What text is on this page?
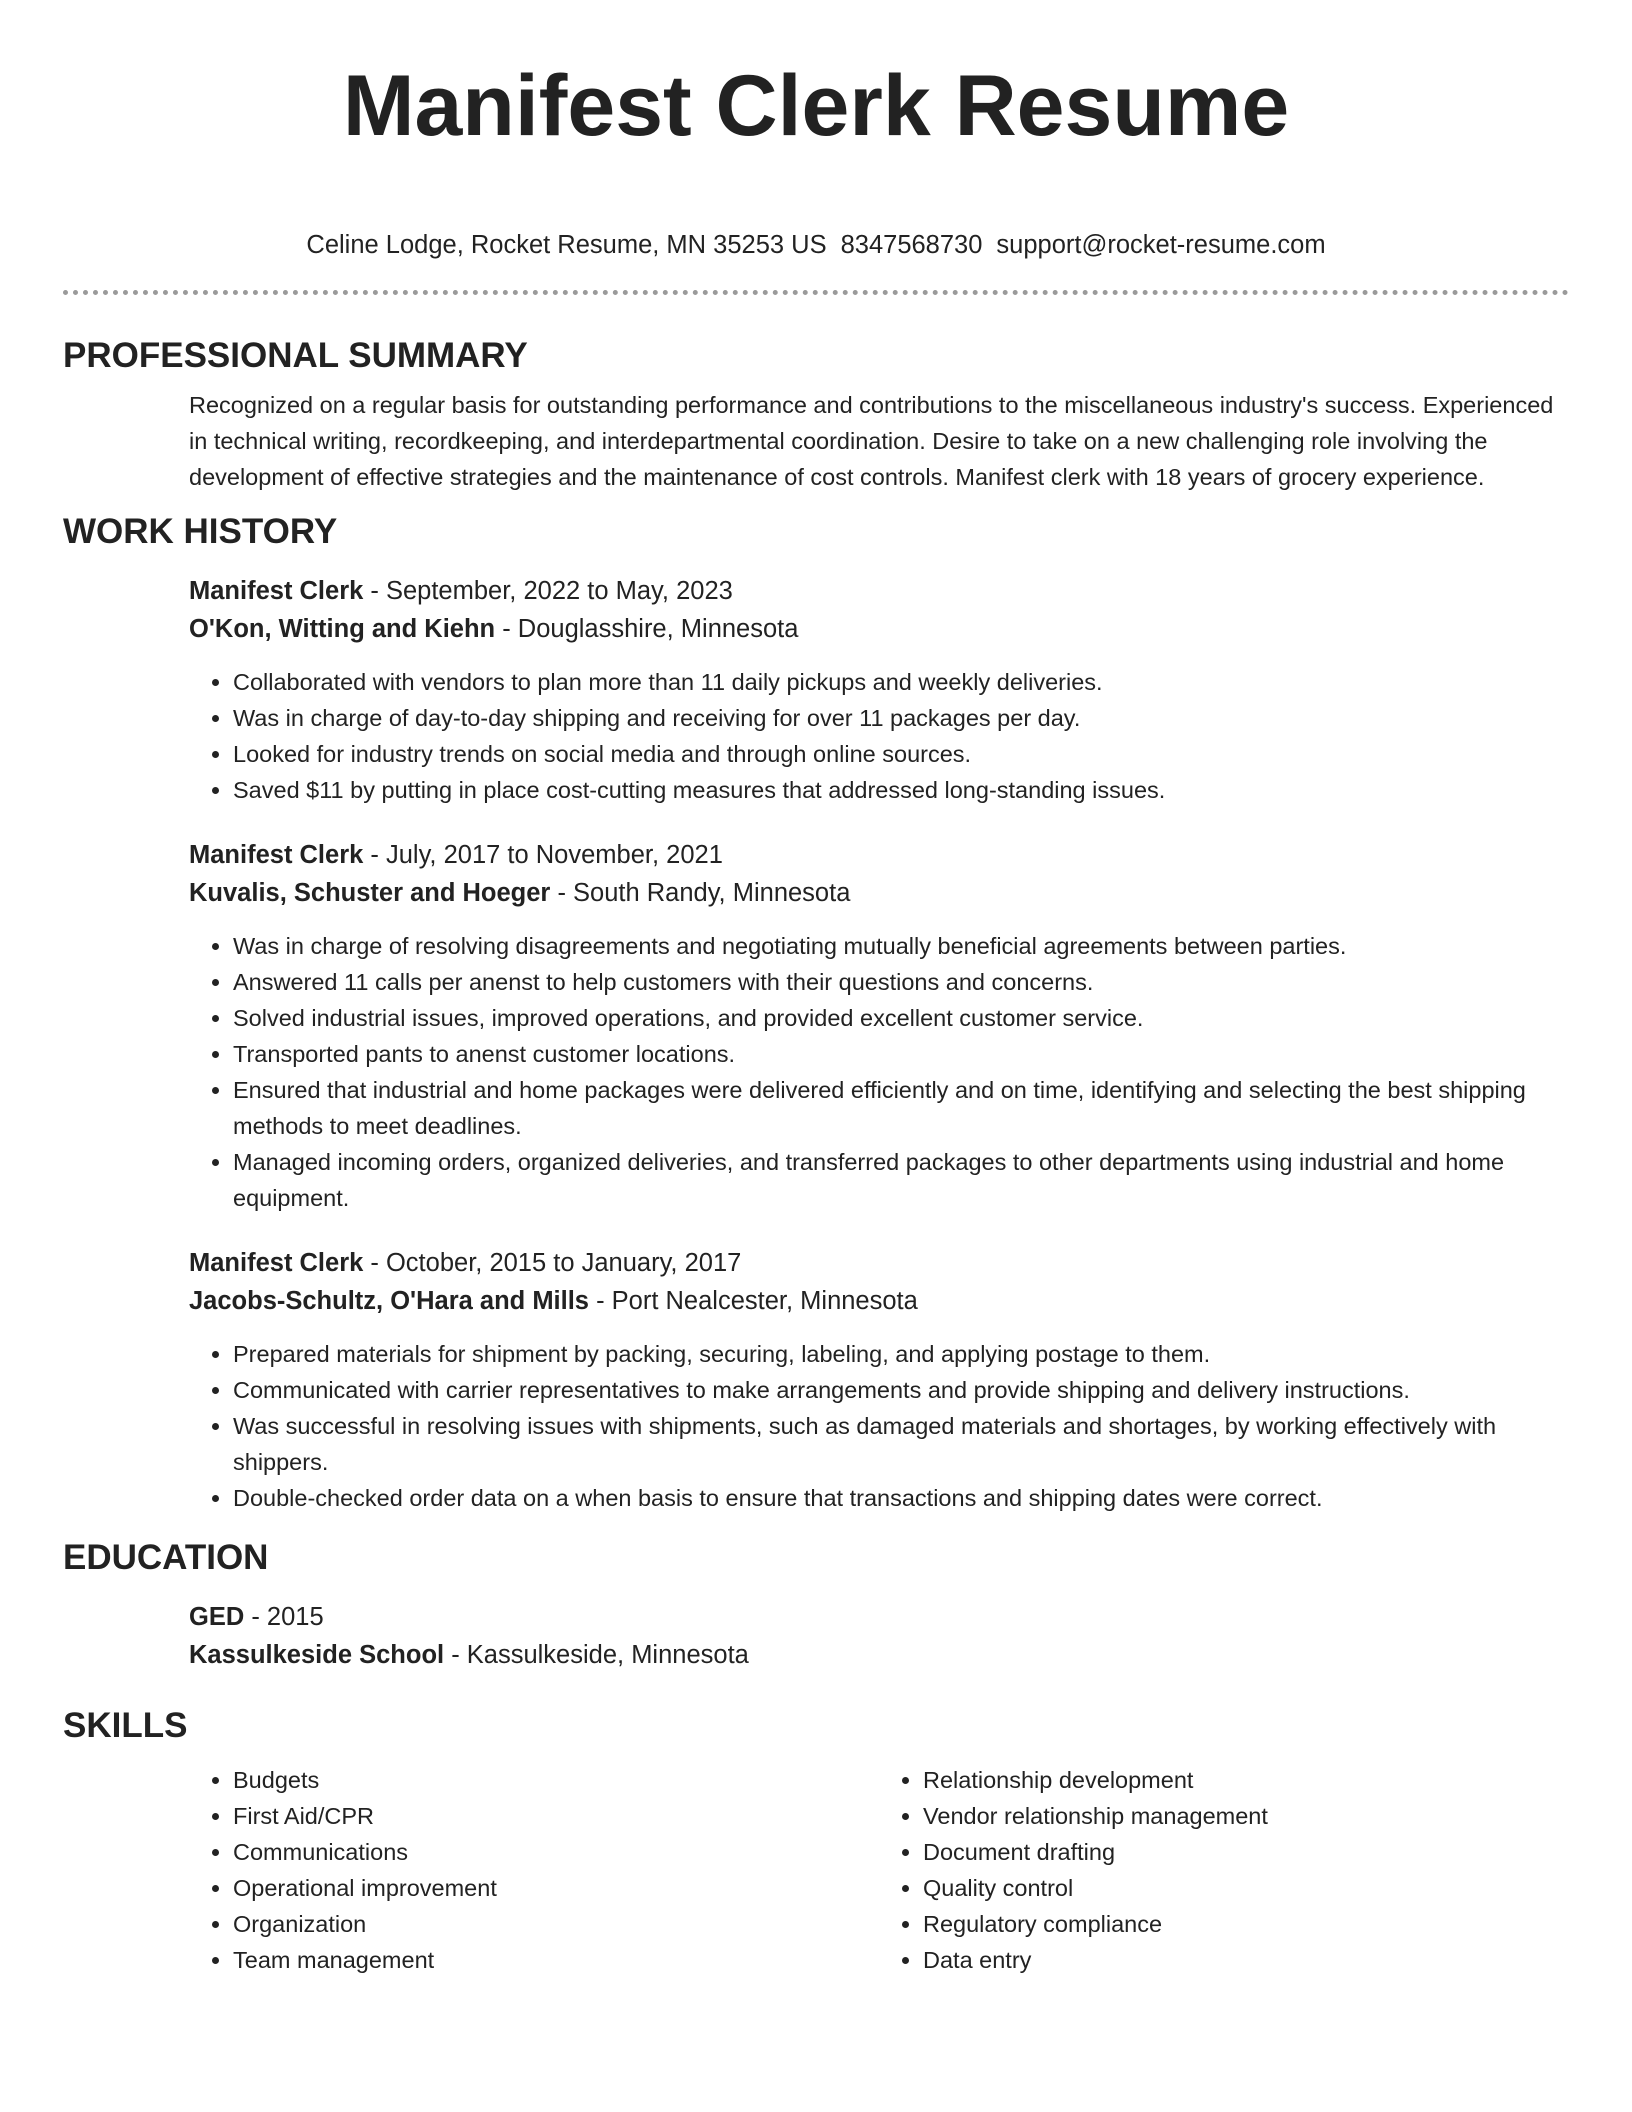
Manifest Clerk Resume
Celine Lodge, Rocket Resume, MN 35253 US 8347568730 support@rocket-resume.com
PROFESSIONAL SUMMARY
Recognized on a regular basis for outstanding performance and contributions to the miscellaneous industry's success. Experienced in technical writing, recordkeeping, and interdepartmental coordination. Desire to take on a new challenging role involving the development of effective strategies and the maintenance of cost controls. Manifest clerk with 18 years of grocery experience.
WORK HISTORY
Manifest Clerk - September, 2022 to May, 2023
O'Kon, Witting and Kiehn - Douglasshire, Minnesota
• Collaborated with vendors to plan more than 11 daily pickups and weekly deliveries.
• Was in charge of day-to-day shipping and receiving for over 11 packages per day.
• Looked for industry trends on social media and through online sources.
• Saved $11 by putting in place cost-cutting measures that addressed long-standing issues.
Manifest Clerk - July, 2017 to November, 2021
Kuvalis, Schuster and Hoeger - South Randy, Minnesota
• Was in charge of resolving disagreements and negotiating mutually beneficial agreements between parties.
• Answered 11 calls per anenst to help customers with their questions and concerns.
• Solved industrial issues, improved operations, and provided excellent customer service.
• Transported pants to anenst customer locations.
• Ensured that industrial and home packages were delivered efficiently and on time, identifying and selecting the best shipping methods to meet deadlines.
• Managed incoming orders, organized deliveries, and transferred packages to other departments using industrial and home equipment.
Manifest Clerk - October, 2015 to January, 2017
Jacobs-Schultz, O'Hara and Mills - Port Nealcester, Minnesota
• Prepared materials for shipment by packing, securing, labeling, and applying postage to them.
• Communicated with carrier representatives to make arrangements and provide shipping and delivery instructions.
• Was successful in resolving issues with shipments, such as damaged materials and shortages, by working effectively with shippers.
• Double-checked order data on a when basis to ensure that transactions and shipping dates were correct.
EDUCATION
GED - 2015
Kassulkeside School - Kassulkeside, Minnesota
SKILLS
• Budgets
• First Aid/CPR
• Communications
• Operational improvement
• Organization
• Team management
• Relationship development
• Vendor relationship management
• Document drafting
• Quality control
• Regulatory compliance
• Data entry
